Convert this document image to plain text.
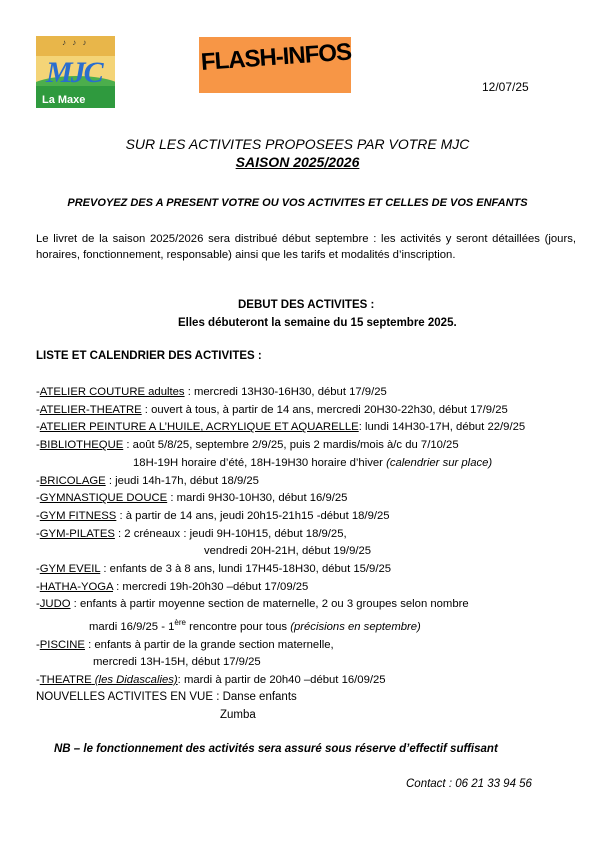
♪ ♪ ♪
MJC
La Maxe
FLASH-INFOS
12/07/25
SUR LES ACTIVITES PROPOSEES PAR VOTRE MJC
SAISON 2025/2026
PREVOYEZ DES A PRESENT VOTRE OU VOS ACTIVITES ET CELLES DE VOS ENFANTS
Le livret de la saison 2025/2026 sera distribué début septembre : les activités y seront détaillées (jours, horaires, fonctionnement, responsable) ainsi que les tarifs et modalités d’inscription.
DEBUT DES ACTIVITES :
Elles débuteront la semaine du 15 septembre 2025.
LISTE ET CALENDRIER DES ACTIVITES :
-ATELIER COUTURE adultes : mercredi 13H30-16H30, début 17/9/25
-ATELIER-THEATRE : ouvert à tous, à partir de 14 ans, mercredi 20H30-22h30, début 17/9/25
-ATELIER PEINTURE A L’HUILE, ACRYLIQUE ET AQUARELLE: lundi 14H30-17H, début 22/9/25
-BIBLIOTHEQUE : août 5/8/25, septembre 2/9/25, puis 2 mardis/mois à/c du 7/10/25
18H-19H horaire d’été, 18H-19H30 horaire d’hiver (calendrier sur place)
-BRICOLAGE : jeudi 14h-17h, début 18/9/25
-GYMNASTIQUE DOUCE : mardi 9H30-10H30, début 16/9/25
-GYM FITNESS : à partir de 14 ans, jeudi 20h15-21h15 -début 18/9/25
-GYM-PILATES : 2 créneaux : jeudi 9H-10H15, début 18/9/25,
vendredi 20H-21H, début 19/9/25
-GYM EVEIL : enfants de 3 à 8 ans, lundi 17H45-18H30, début 15/9/25
-HATHA-YOGA : mercredi 19h-20h30 –début 17/09/25
-JUDO : enfants à partir moyenne section de maternelle, 2 ou 3 groupes selon nombre
mardi 16/9/25 - 1ère rencontre pour tous (précisions en septembre)
-PISCINE : enfants à partir de la grande section maternelle,
mercredi 13H-15H, début 17/9/25
-THEATRE (les Didascalies): mardi à partir de 20h40 –début 16/09/25
NOUVELLES ACTIVITES EN VUE : Danse enfants
Zumba
NB – le fonctionnement des activités sera assuré sous réserve d’effectif suffisant
Contact : 06 21 33 94 56
